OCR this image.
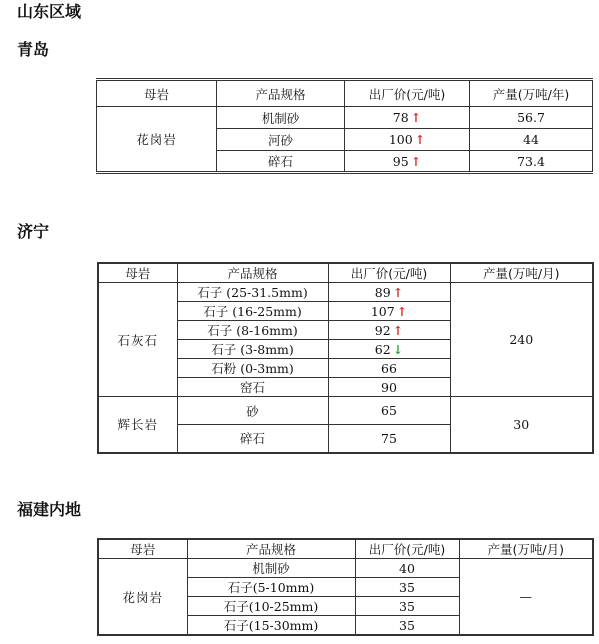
山东区域
青岛
母岩	产品规格	出厂价(元/吨)	产量(万吨/年)
花岗岩	机制砂	78 ↑	56.7
	河砂	100 ↑	44
	碎石	95 ↑	73.4
济宁
母岩	产品规格	出厂价(元/吨)	产量(万吨/月)
石灰石	石子 (25-31.5mm)	89 ↑	240
	石子 (16-25mm)	107 ↑	
	石子 (8-16mm)	92 ↑	
	石子 (3-8mm)	62 ↓	
	石粉 (0-3mm)	66	
	窑石	90	
辉长岩	砂	65	30
	碎石	75	
福建内地
母岩	产品规格	出厂价(元/吨)	产量(万吨/月)
花岗岩	机制砂	40	—
	石子(5-10mm)	35	
	石子(10-25mm)	35	
	石子(15-30mm)	35	
